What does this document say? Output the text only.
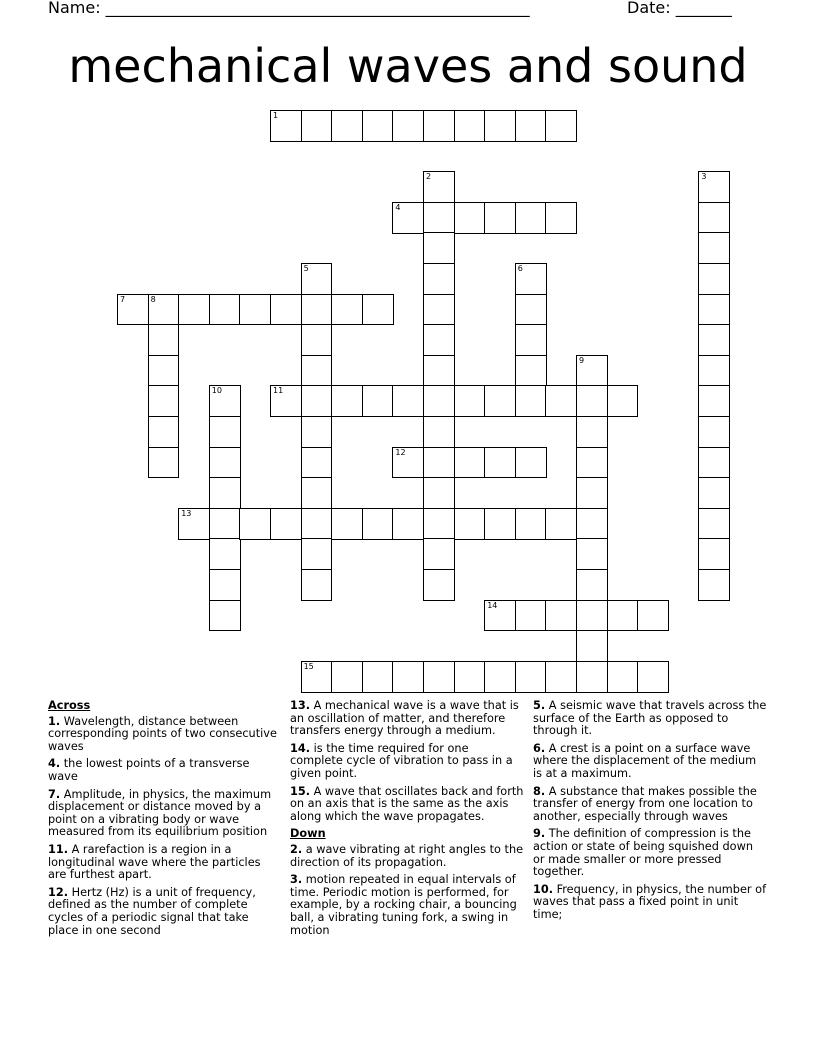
Name: _____________________________________________________	Date: _______
mechanical waves and sound
1
2	3
4
5	6
7	8
9
10	11
12
13
14
15
Across
1. Wavelength, distance between corresponding points of two consecutive waves
4. the lowest points of a transverse wave
7. Amplitude, in physics, the maximum displacement or distance moved by a point on a vibrating body or wave measured from its equilibrium position
11. A rarefaction is a region in a longitudinal wave where the particles are furthest apart.
12. Hertz (Hz) is a unit of frequency, defined as the number of complete cycles of a periodic signal that take place in one second
13. A mechanical wave is a wave that is an oscillation of matter, and therefore transfers energy through a medium.
14. is the time required for one complete cycle of vibration to pass in a given point.
15. A wave that oscillates back and forth on an axis that is the same as the axis along which the wave propagates.
Down
2. a wave vibrating at right angles to the direction of its propagation.
3. motion repeated in equal intervals of time. Periodic motion is performed, for example, by a rocking chair, a bouncing ball, a vibrating tuning fork, a swing in motion
5. A seismic wave that travels across the surface of the Earth as opposed to through it.
6. A crest is a point on a surface wave where the displacement of the medium is at a maximum.
8. A substance that makes possible the transfer of energy from one location to another, especially through waves
9. The definition of compression is the action or state of being squished down or made smaller or more pressed together.
10. Frequency, in physics, the number of waves that pass a fixed point in unit time;
